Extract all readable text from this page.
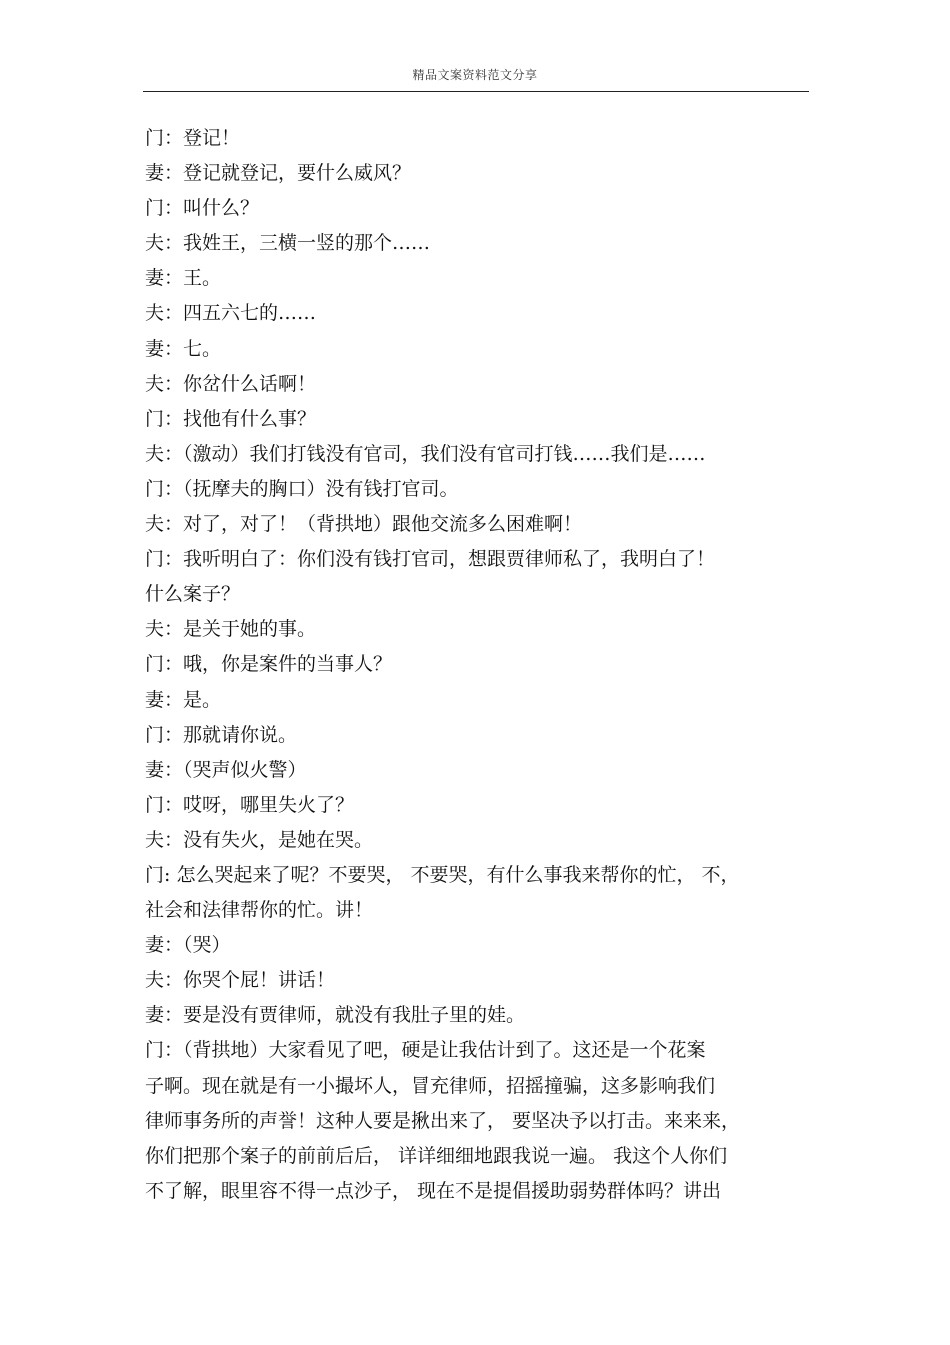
精品文案资料范文分享
门：登记！
妻：登记就登记，要什么威风？
门：叫什么？
夫：我姓王，三横一竖的那个……
妻：王。
夫：四五六七的……
妻：七。
夫：你岔什么话啊！
门：找他有什么事？
夫：（激动）我们打钱没有官司，我们没有官司打钱……我们是……
门：（抚摩夫的胸口）没有钱打官司。
夫：对了，对了！（背拱地）跟他交流多么困难啊！
门：我听明白了：你们没有钱打官司，想跟贾律师私了，我明白了！
什么案子？
夫：是关于她的事。
门：哦，你是案件的当事人？
妻：是。
门：那就请你说。
妻：（哭声似火警）
门：哎呀，哪里失火了？
夫：没有失火，是她在哭。
门: 怎么哭起来了呢？不要哭， 不要哭，有什么事我来帮你的忙， 不，
社会和法律帮你的忙。讲！
妻：（哭）
夫：你哭个屁！讲话！
妻：要是没有贾律师，就没有我肚子里的娃。
门：（背拱地）大家看见了吧，硬是让我估计到了。这还是一个花案
子啊。现在就是有一小撮坏人，冒充律师，招摇撞骗，这多影响我们
律师事务所的声誉！这种人要是揪出来了， 要坚决予以打击。来来来，
你们把那个案子的前前后后， 详详细细地跟我说一遍。 我这个人你们
不了解，眼里容不得一点沙子， 现在不是提倡援助弱势群体吗？讲出
